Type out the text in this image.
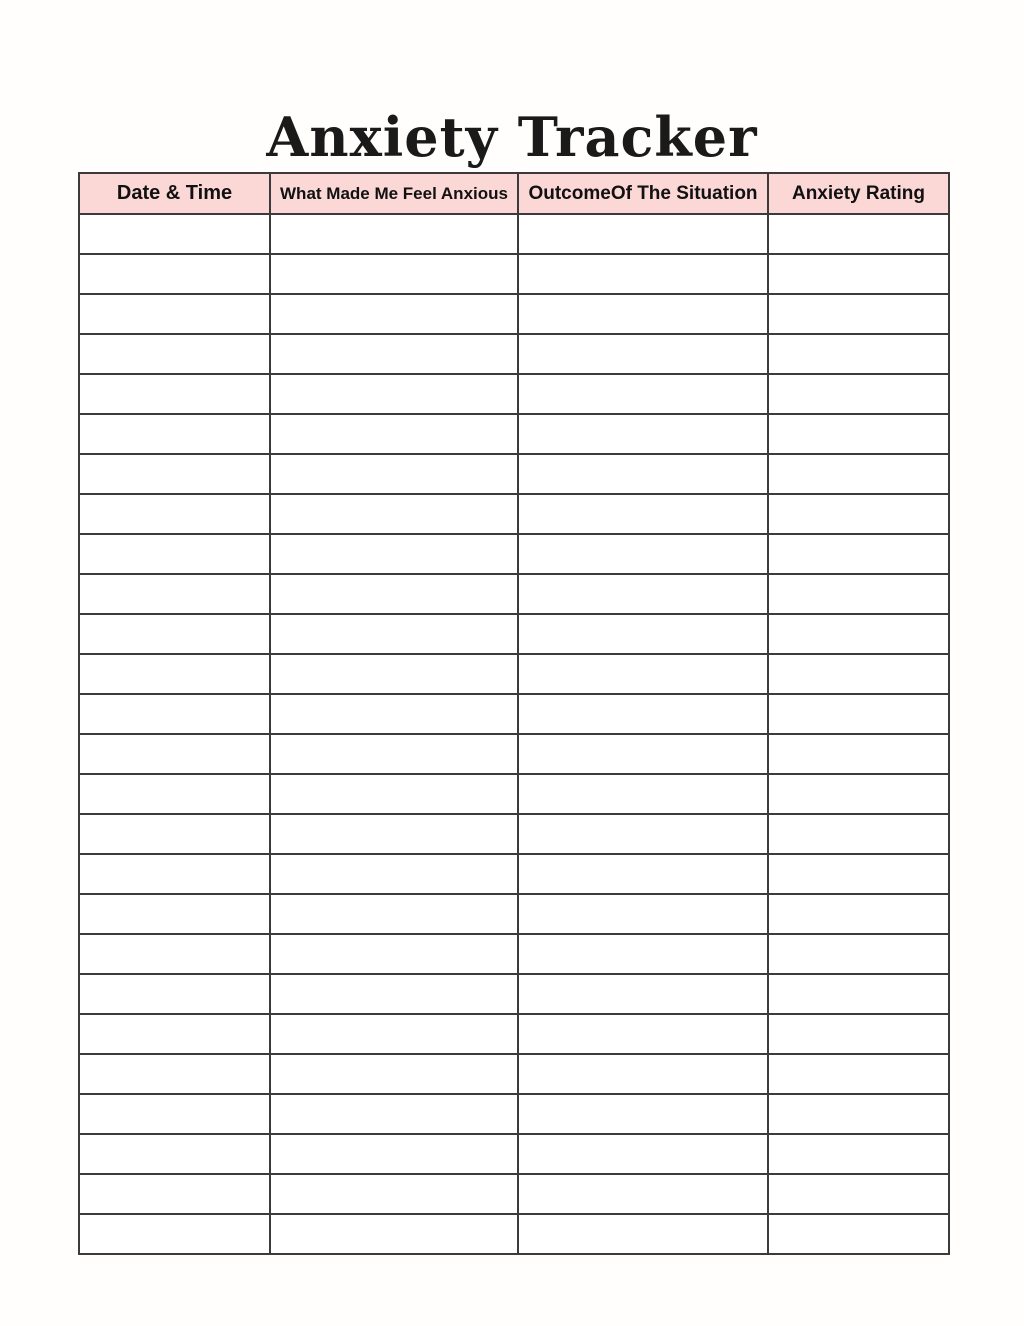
Anxiety Tracker
Date & Time	What Made Me Feel Anxious	OutcomeOf The Situation	Anxiety Rating
